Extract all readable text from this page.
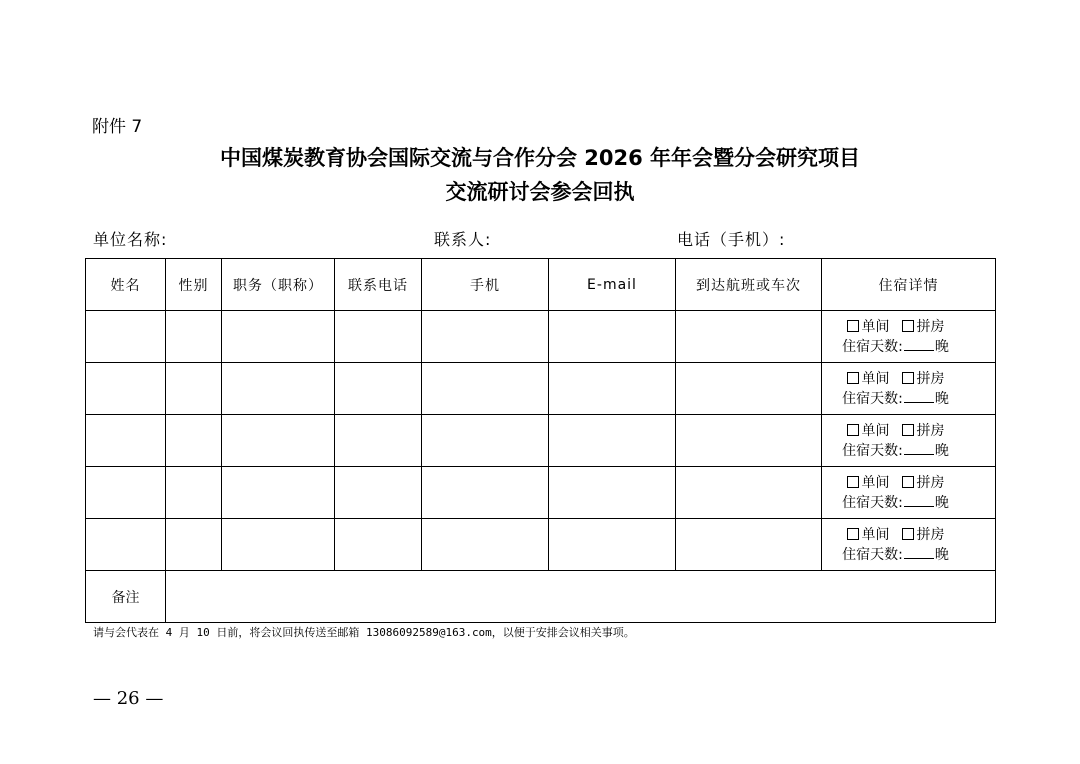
附件 7
中国煤炭教育协会国际交流与合作分会 2026 年年会暨分会研究项目
交流研讨会参会回执
单位名称:	联系人:	电话（手机）:
姓名	性别	职务（职称）	联系电话	手机	E-mail	到达航班或车次	住宿详情

							单间 拼房
住宿天数: 晚

							单间 拼房
住宿天数: 晚

							单间 拼房
住宿天数: 晚

							单间 拼房
住宿天数: 晚

							单间 拼房
住宿天数: 晚

备注							
请与会代表在 4 月 10 日前，将会议回执传送至邮箱 13086092589@163.com，以便于安排会议相关事项。
— 26 —
